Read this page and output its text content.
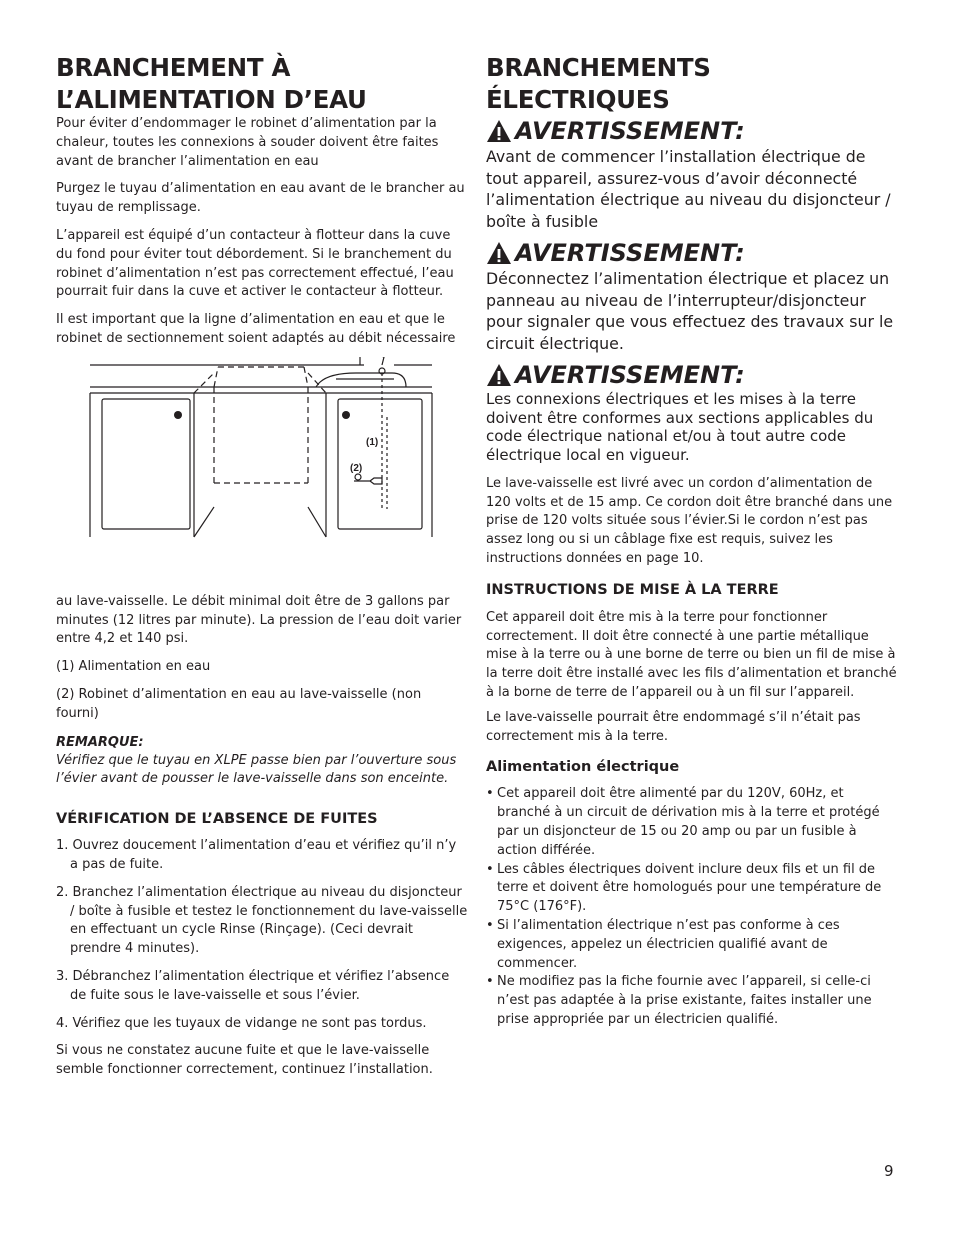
BRANCHEMENT À
L’ALIMENTATION D’EAU

Pour éviter d’endommager le robinet d’alimentation par la chaleur, toutes les connexions à souder doivent être faites avant de brancher l’alimentation en eau

Purgez le tuyau d’alimentation en eau avant de le brancher au tuyau de remplissage.

L’appareil est équipé d’un contacteur à flotteur dans la cuve du fond pour éviter tout débordement. Si le branchement du robinet d’alimentation n’est pas correctement effectué, l’eau pourrait fuir dans la cuve et activer le contacteur à flotteur.

Il est important que la ligne d’alimentation en eau et que le robinet de sectionnement soient adaptés au débit nécessaire

(1)
(2)

au lave-vaisselle. Le débit minimal doit être de 3 gallons par minutes (12 litres par minute). La pression de l’eau doit varier entre 4,2 et 140 psi.

(1) Alimentation en eau

(2) Robinet d’alimentation en eau au lave-vaisselle (non fourni)

REMARQUE:

Vérifiez que le tuyau en XLPE passe bien par l’ouverture sous l’évier avant de pousser le lave-vaisselle dans son enceinte.

VÉRIFICATION DE L’ABSENCE DE FUITES

1. Ouvrez doucement l’alimentation d’eau et vérifiez qu’il n’y a pas de fuite.
2. Branchez l’alimentation électrique au niveau du disjoncteur / boîte à fusible et testez le fonctionnement du lave-vaisselle en effectuant un cycle Rinse (Rinçage). (Ceci devrait prendre 4 minutes).
3. Débranchez l’alimentation électrique et vérifiez l’absence de fuite sous le lave-vaisselle et sous l’évier.
4. Vérifiez que les tuyaux de vidange ne sont pas tordus.

Si vous ne constatez aucune fuite et que le lave-vaisselle semble fonctionner correctement, continuez l’installation.

BRANCHEMENTS ÉLECTRIQUES
AVERTISSEMENT:

Avant de commencer l’installation électrique de tout appareil, assurez-vous d’avoir déconnecté l’alimentation électrique au niveau du disjoncteur / boîte à fusible

AVERTISSEMENT:

Déconnectez l’alimentation électrique et placez un panneau au niveau de l’interrupteur/disjoncteur pour signaler que vous effectuez des travaux sur le circuit électrique.

AVERTISSEMENT:

Les connexions électriques et les mises à la terre doivent être conformes aux sections applicables du code électrique national et/ou à tout autre code électrique local en vigueur.

Le lave-vaisselle est livré avec un cordon d’alimentation de 120 volts et de 15 amp. Ce cordon doit être branché dans une prise de 120 volts située sous l’évier.Si le cordon n’est pas assez long ou si un câblage fixe est requis, suivez les instructions données en page 10.

INSTRUCTIONS DE MISE À LA TERRE

Cet appareil doit être mis à la terre pour fonctionner correctement. Il doit être connecté à une partie métallique mise à la terre ou à une borne de terre ou bien un fil de mise à la terre doit être installé avec les fils d’alimentation et branché à la borne de terre de l’appareil ou à un fil sur l’appareil.

Le lave-vaisselle pourrait être endommagé s’il n’était pas correctement mis à la terre.

Alimentation électrique

• Cet appareil doit être alimenté par du 120V, 60Hz, et branché à un circuit de dérivation mis à la terre et protégé par un disjoncteur de 15 ou 20 amp ou par un fusible à action différée.
• Les câbles électriques doivent inclure deux fils et un fil de terre et doivent être homologués pour une température de 75°C (176°F).
• Si l’alimentation électrique n’est pas conforme à ces exigences, appelez un électricien qualifié avant de commencer.
• Ne modifiez pas la fiche fournie avec l’appareil, si celle-ci n’est pas adaptée à la prise existante, faites installer une prise appropriée par un électricien qualifié.
9
